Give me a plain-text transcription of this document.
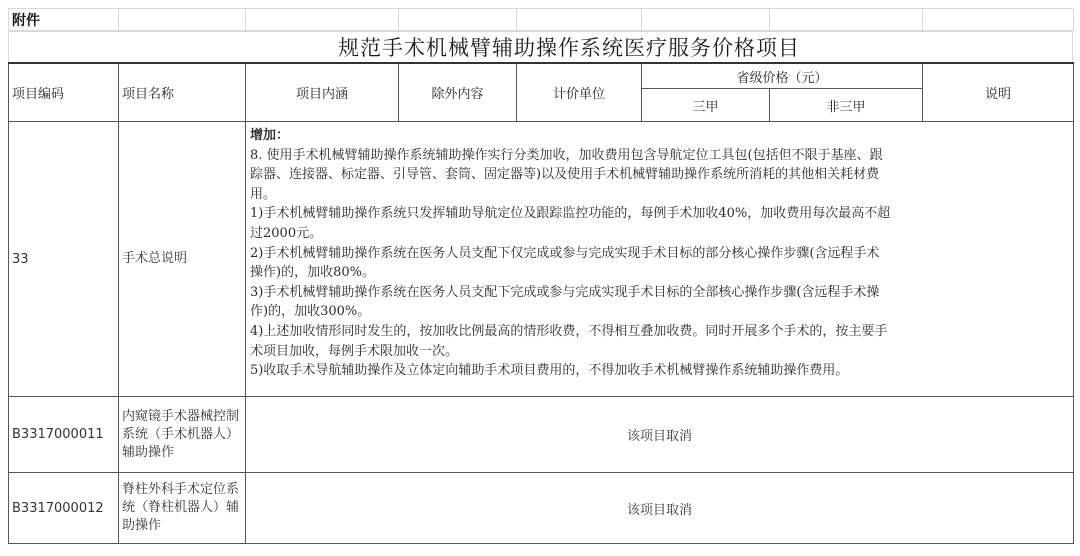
附件							
规范手术机械臂辅助操作系统医疗服务价格项目
项目编码	项目名称	项目内涵	除外内容	计价单位	省级价格（元）		说明
					三甲	非三甲	
33	手术总说明	
增加：
8. 使用手术机械臂辅助操作系统辅助操作实行分类加收，加收费用包含导航定位工具包(包括但不限于基座、跟
踪器、连接器、标定器、引导管、套筒、固定器等)以及使用手术机械臂辅助操作系统所消耗的其他相关耗材费
用。
1)手术机械臂辅助操作系统只发挥辅助导航定位及跟踪监控功能的，每例手术加收40%，加收费用每次最高不超
过2000元。
2)手术机械臂辅助操作系统在医务人员支配下仅完成或参与完成实现手术目标的部分核心操作步骤(含远程手术
操作)的，加收80%。
3)手术机械臂辅助操作系统在医务人员支配下完成或参与完成实现手术目标的全部核心操作步骤(含远程手术操
作)的，加收300%。
4)上述加收情形同时发生的，按加收比例最高的情形收费，不得相互叠加收费。同时开展多个手术的，按主要手
术项目加收，每例手术限加收一次。
5)收取手术导航辅助操作及立体定向辅助手术项目费用的，不得加收手术机械臂操作系统辅助操作费用。

B3317000011	内窥镜手术器械控制系统（手术机器人）辅助操作	该项目取消					
B3317000012	脊柱外科手术定位系统（脊柱机器人）辅助操作	该项目取消					
